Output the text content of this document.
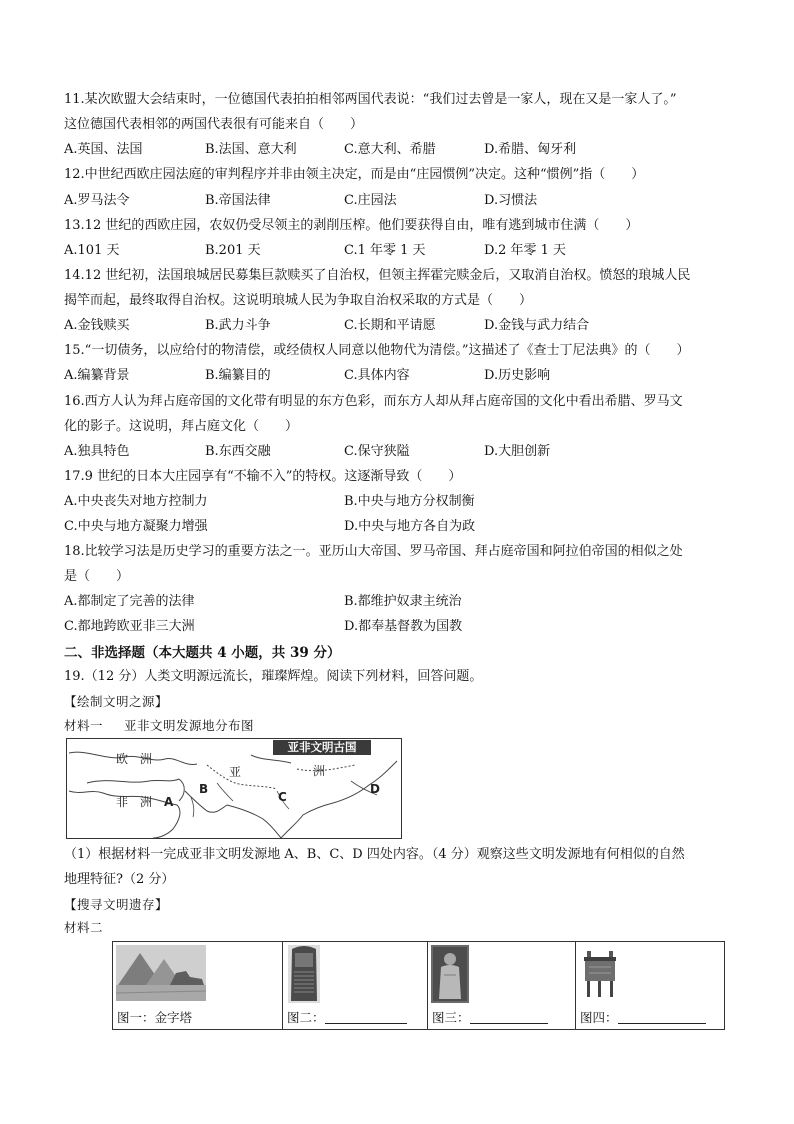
11.某次欧盟大会结束时，一位德国代表拍拍相邻两国代表说：“我们过去曾是一家人，现在又是一家人了。”
这位德国代表相邻的两国代表很有可能来自（　　）
A.英国、法国	B.法国、意大利	C.意大利、希腊	D.希腊、匈牙利
12.中世纪西欧庄园法庭的审判程序并非由领主决定，而是由“庄园惯例”决定。这种“惯例”指（　　）
A.罗马法令	B.帝国法律	C.庄园法	D.习惯法
13.12 世纪的西欧庄园，农奴仍受尽领主的剥削压榨。他们要获得自由，唯有逃到城市住满（　　）
A.101 天	B.201 天	C.1 年零 1 天	D.2 年零 1 天
14.12 世纪初，法国琅城居民募集巨款赎买了自治权，但领主挥霍完赎金后，又取消自治权。愤怒的琅城人民
揭竿而起，最终取得自治权。这说明琅城人民为争取自治权采取的方式是（　　）
A.金钱赎买	B.武力斗争	C.长期和平请愿	D.金钱与武力结合
15.“一切债务，以应给付的物清偿，或经债权人同意以他物代为清偿。”这描述了《查士丁尼法典》的（　　）
A.编纂背景	B.编纂目的	C.具体内容	D.历史影响
16.西方人认为拜占庭帝国的文化带有明显的东方色彩，而东方人却从拜占庭帝国的文化中看出希腊、罗马文
化的影子。这说明，拜占庭文化（　　）
A.独具特色	B.东西交融	C.保守狭隘	D.大胆创新
17.9 世纪的日本大庄园享有“不输不入”的特权。这逐渐导致（　　）
A.中央丧失对地方控制力	B.中央与地方分权制衡
C.中央与地方凝聚力增强	D.中央与地方各自为政
18.比较学习法是历史学习的重要方法之一。亚历山大帝国、罗马帝国、拜占庭帝国和阿拉伯帝国的相似之处
是（　　）
A.都制定了完善的法律	B.都维护奴隶主统治
C.都地跨欧亚非三大洲	D.都奉基督教为国教
二、非选择题（本大题共 4 小题，共 39 分）
19.（12 分）人类文明源远流长，璀璨辉煌。阅读下列材料，回答问题。
【绘制文明之源】
材料一　 亚非文明发源地分布图
亚非文明古国
欧　洲
亚	洲
非　洲 A
B
C
D
（1）根据材料一完成亚非文明发源地 A、B、C、D 四处内容。（4 分）观察这些文明发源地有何相似的自然
地理特征?（2 分）
【搜寻文明遗存】
材料二
图一：金字塔	图二：	图三：	图四：
